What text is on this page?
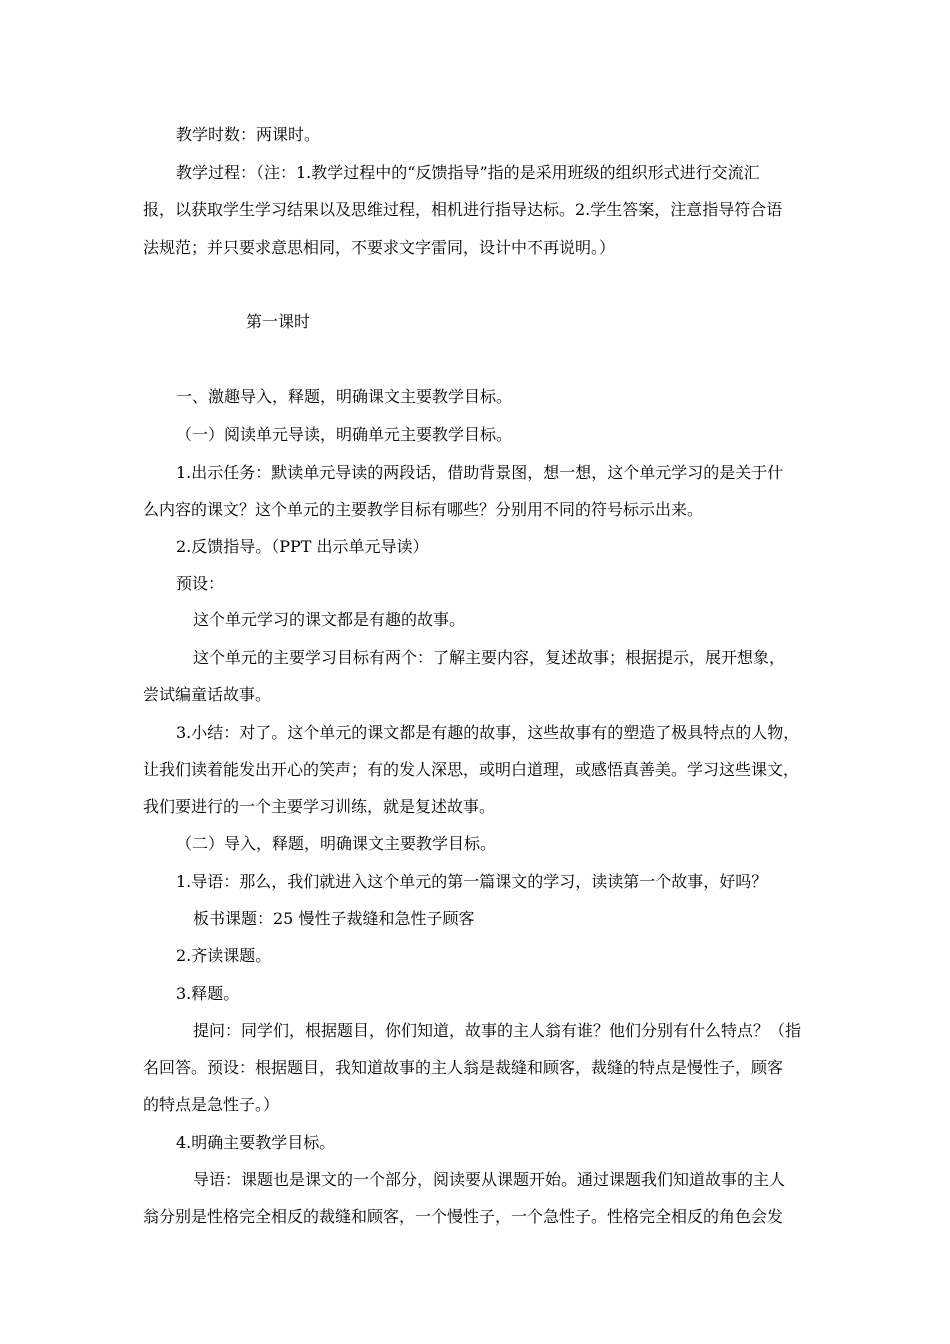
教学时数：两课时。
教学过程：（注：1.教学过程中的“反馈指导”指的是采用班级的组织形式进行交流汇
报，以获取学生学习结果以及思维过程，相机进行指导达标。2.学生答案，注意指导符合语
法规范；并只要求意思相同，不要求文字雷同，设计中不再说明。）
第一课时
一、激趣导入，释题，明确课文主要教学目标。
（一）阅读单元导读，明确单元主要教学目标。
1.出示任务：默读单元导读的两段话，借助背景图，想一想，这个单元学习的是关于什
么内容的课文？这个单元的主要教学目标有哪些？分别用不同的符号标示出来。
2.反馈指导。（PPT 出示单元导读）
预设：
这个单元学习的课文都是有趣的故事。
这个单元的主要学习目标有两个：了解主要内容，复述故事；根据提示，展开想象，
尝试编童话故事。
3.小结：对了。这个单元的课文都是有趣的故事，这些故事有的塑造了极具特点的人物，
让我们读着能发出开心的笑声；有的发人深思，或明白道理，或感悟真善美。学习这些课文，
我们要进行的一个主要学习训练，就是复述故事。
（二）导入，释题，明确课文主要教学目标。
1.导语：那么，我们就进入这个单元的第一篇课文的学习，读读第一个故事，好吗？
板书课题：25 慢性子裁缝和急性子顾客
2.齐读课题。
3.释题。
提问：同学们，根据题目，你们知道，故事的主人翁有谁？他们分别有什么特点？（指
名回答。预设：根据题目，我知道故事的主人翁是裁缝和顾客，裁缝的特点是慢性子，顾客
的特点是急性子。）
4.明确主要教学目标。
导语：课题也是课文的一个部分，阅读要从课题开始。通过课题我们知道故事的主人
翁分别是性格完全相反的裁缝和顾客，一个慢性子，一个急性子。性格完全相反的角色会发
